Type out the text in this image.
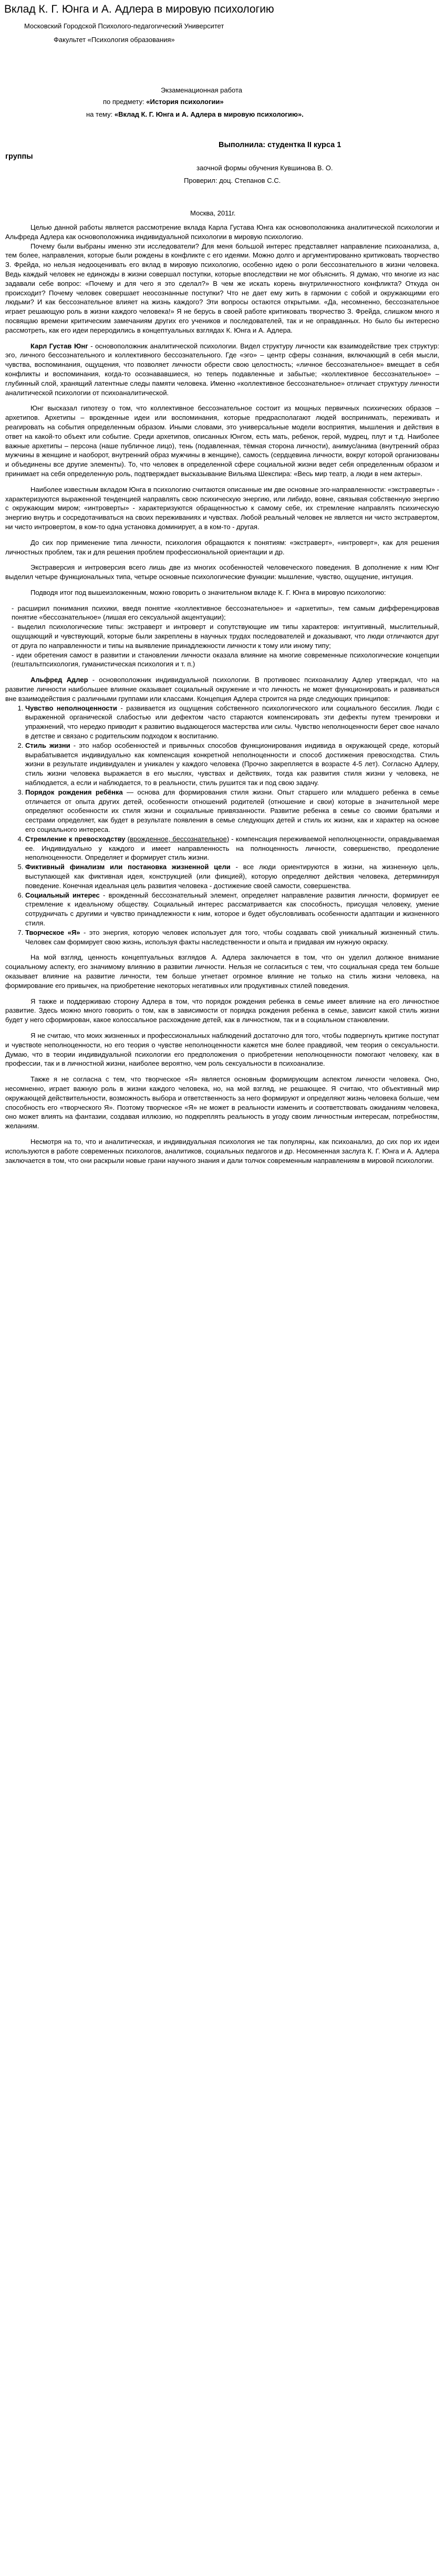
Вклад К. Г. Юнга и А. Адлера в мировую психологию
Московский Городской Психолого-педагогический Университет
Факультет «Психология образования»
Экзаменационная работа
по предмету: «История психологии»
на тему: «Вклад К. Г. Юнга и А. Адлера в мировую психологию».
Выполнила: студентка II курса 1
группы
заочной формы обучения Кувшинова В. О.
Проверил: доц. Степанов С.С.
Москва, 2011г.

Целью данной работы является рассмотрение вклада Карла Густава Юнга как основоположника аналитической психологии и Альфреда Адлера как основоположника индивидуальной психологии в мировую психологию.

Почему были выбраны именно эти исследователи? Для меня большой интерес представляет направление психоанализа, а, тем более, направления, которые были рождены в конфликте с его идеями. Можно долго и аргументированно критиковать творчество З. Фрейда, но нельзя недооценивать его вклад в мировую психологию, особенно идею о роли бессознательного в жизни человека. Ведь каждый человек не единожды в жизни совершал поступки, которые впоследствии не мог объяснить. Я думаю, что многие из нас задавали себе вопрос: «Почему и для чего я это сделал?» В чем же искать корень внутриличностного конфликта? Откуда он происходит? Почему человек совершает неосознанные поступки? Что не дает ему жить в гармонии с собой и окружающими его людьми? И как бессознательное влияет на жизнь каждого? Эти вопросы остаются открытыми. «Да, несомненно, бессознательное играет решающую роль в жизни каждого человека!» Я не берусь в своей работе критиковать творчество З. Фрейда, слишком много я посвящаю времени критическим замечаниям других его учеников и последователей, так и не оправданных. Но было бы интересно рассмотреть, как его идеи переродились в концептуальных взглядах К. Юнга и А. Адлера.

Карл Густав Юнг - основоположник аналитической психологии. Видел структуру личности как взаимодействие трех структур: эго, личного бессознательного и коллективного бессознательного. Где «эго» – центр сферы сознания, включающий в себя мысли, чувства, воспоминания, ощущения, что позволяет личности обрести свою целостность; «личное бессознательное» вмещает в себя конфликты и воспоминания, когда-то осознававшиеся, но теперь подавленные и забытые; «коллективное бессознательное» – глубинный слой, хранящий латентные следы памяти человека. Именно «коллективное бессознательное» отличает структуру личности аналитической психологии от психоаналитической.

Юнг высказал гипотезу о том, что коллективное бессознательное состоит из мощных первичных психических образов – архетипов. Архетипы – врожденные идеи или воспоминания, которые предрасполагают людей воспринимать, переживать и реагировать на события определенным образом. Иными словами, это универсальные модели восприятия, мышления и действия в ответ на какой-то объект или событие. Среди архетипов, описанных Юнгом, есть мать, ребенок, герой, мудрец, плут и т.д. Наиболее важные архетипы – персона (наше публичное лицо), тень (подавленная, тёмная сторона личности), анимус/анима (внутренний образ мужчины в женщине и наоборот, внутренний образ мужчины в женщине), самость (сердцевина личности, вокруг которой организованы и объединены все другие элементы). То, что человек в определенной сфере социальной жизни ведет себя определенным образом и принимает на себя определенную роль, подтверждает высказывание Вильяма Шекспира: «Весь мир театр, а люди в нем актеры».

Наиболее известным вкладом Юнга в психологию считаются описанные им две основные эго-направленности: «экстраверты» - характеризуются выраженной тенденцией направлять свою психическую энергию, или либидо, вовне, связывая собственную энергию с окружающим миром; «интроверты» - характеризуются обращенностью к самому себе, их стремление направлять психическую энергию внутрь и сосредотачиваться на своих переживаниях и чувствах. Любой реальный человек не является ни чисто экстравертом, ни чисто интровертом, в ком-то одна установка доминирует, а в ком-то - другая.

До сих пор применение типа личности, психология обращаются к понятиям: «экстраверт», «интроверт», как для решения личностных проблем, так и для решения проблем профессиональной ориентации и др.

Экстраверсия и интроверсия всего лишь две из многих особенностей человеческого поведения. В дополнение к ним Юнг выделил четыре функциональных типа, четыре основные психологические функции: мышление, чувство, ощущение, интуиция.

Подводя итог под вышеизложенным, можно говорить о значительном вкладе К. Г. Юнга в мировую психологию:

- расширил понимания психики, введя понятие «коллективное бессознательное» и «архетипы», тем самым дифференцировав понятие «бессознательное» (лишая его сексуальной акцентуации);
- выделил психологические типы: экстраверт и интроверт и сопутствующие им типы характеров: интуитивный, мыслительный, ощущающий и чувствующий, которые были закреплены в научных трудах последователей и доказывают, что люди отличаются друг от друга по направленности и типы на выявление принадлежности личности к тому или иному типу;
- идеи обретения самост в развитии и становлении личности оказала влияние на многие современные психологические концепции (гештальтпсихология, гуманистическая психология и т. п.)

Альфред Адлер - основоположник индивидуальной психологии. В противовес психоанализу Адлер утверждал, что на развитие личности наибольшее влияние оказывает социальный окружение и что личность не может функционировать и развиваться вне взаимодействия с различными группами или классами. Концепция Адлера строится на ряде следующих принципов:

1. Чувство неполноценности - развивается из ощущения собственного психологического или социального бессилия. Люди с выраженной органической слабостью или дефектом часто стараются компенсировать эти дефекты путем тренировки и упражнений, что нередко приводит к развитию выдающегося мастерства или силы. Чувство неполноценности берет свое начало в детстве и связано с родительским подходом к воспитанию.
2. Стиль жизни - это набор особенностей и привычных способов функционирования индивида в окружающей среде, который вырабатывается индивидуально как компенсация конкретной неполноценности и способ достижения превосходства. Стиль жизни в результате индивидуален и уникален у каждого человека (Прочно закрепляется в возрасте 4-5 лет). Согласно Адлеру, стиль жизни человека выражается в его мыслях, чувствах и действиях, тогда как развития стиля жизни у человека, не наблюдается, а если и наблюдается, то в реальности, стиль рушится так и под свою задачу.
3. Порядок рождения ребёнка — основа для формирования стиля жизни. Опыт старшего или младшего ребенка в семье отличается от опыта других детей, особенности отношений родителей (отношение и свои) которые в значительной мере определяют особенности их стиля жизни и социальные привязанности. Развитие ребенка в семье со своими братьями и сестрами определяет, как будет в результате появления в семье следующих детей и стиль их жизни, как и характер на основе его социального интереса.
4. Стремление к превосходству (врожденное, бессознательное) - компенсация переживаемой неполноценности, оправдываемая ее. Индивидуально у каждого и имеет направленность на полноценность личности, совершенство, преодоление неполноценности. Определяет и формирует стиль жизни.
5. Фиктивный финализм или постановка жизненной цели - все люди ориентируются в жизни, на жизненную цель, выступающей как фиктивная идея, конструкцией (или фикцией), которую определяют действия человека, детерминируя поведение. Конечная идеальная цель развития человека - достижение своей самости, совершенства.
6. Социальный интерес - врожденный бессознательный элемент, определяет направление развития личности, формирует ее стремление к идеальному обществу. Социальный интерес рассматривается как способность, присущая человеку, умение сотрудничать с другими и чувство принадлежности к ним, которое и будет обусловливать особенности адаптации и жизненного стиля.
7. Творческое «Я» - это энергия, которую человек использует для того, чтобы создавать свой уникальный жизненный стиль. Человек сам формирует свою жизнь, используя факты наследственности и опыта и придавая им нужную окраску.

На мой взгляд, ценность концептуальных взглядов А. Адлера заключается в том, что он уделил должное внимание социальному аспекту, его значимому влиянию в развитии личности. Нельзя не согласиться с тем, что социальная среда тем больше оказывает влияние на развитие личности, тем больше угнетает огромное влияние не только на стиль жизни человека, на формирование его привычек, на приобретение некоторых негативных или продуктивных стилей поведения.

Я также и поддерживаю сторону Адлера в том, что порядок рождения ребенка в семье имеет влияние на его личностное развитие. Здесь можно много говорить о том, как в зависимости от порядка рождения ребенка в семье, зависит какой стиль жизни будет у него сформирован, какое колоссальное расхождение детей, как в личностном, так и в социальном становлении.

Я не считаю, что моих жизненных и профессиональных наблюдений достаточно для того, чтобы подвергнуть критике поступат и чувствоte неполноценности, но его теория о чувстве неполноценности кажется мне более правдивой, чем теория о сексуальности. Думаю, что в теории индивидуальной психологии его предположения о приобретении неполноценности помогают человеку, как в профессии, так и в личностной жизни, наиболее вероятно, чем роль сексуальности в психоанализе.

Также я не согласна с тем, что творческое «Я» является основным формирующим аспектом личности человека. Оно, несомненно, играет важную роль в жизни каждого человека, но, на мой взгляд, не решающее. Я считаю, что объективный мир окружающей действительности, возможность выбора и ответственность за него формируют и определяют жизнь человека больше, чем способность его «творческого Я». Поэтому творческое «Я» не может в реальности изменить и соответствовать ожиданиям человека, оно может влиять на фантазии, создавая иллюзию, но подкреплять реальность в угоду своим личностным интересам, потребностям, желаниям.

Несмотря на то, что и аналитическая, и индивидуальная психология не так популярны, как психоанализ, до сих пор их идеи используются в работе современных психологов, аналитиков, социальных педагогов и др. Несомненная заслуга К. Г. Юнга и А. Адлера заключается в том, что они раскрыли новые грани научного знания и дали толчок современным направлениям в мировой психологии.
